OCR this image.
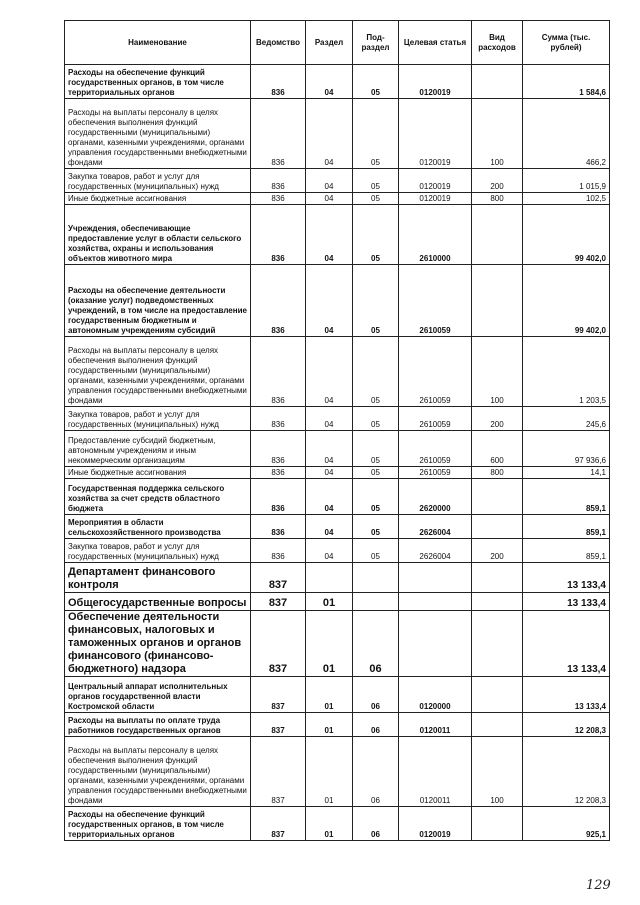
Наименование	Ведомство	Раздел	Под-раздел	Целевая статья	Вид расходов	Сумма (тыс. рублей)
Расходы на обеспечение функций государственных органов, в том числе территориальных органов	836	04	05	0120019		1 584,6
Расходы на выплаты персоналу в целях обеспечения выполнения функций государственными (муниципальными) органами, казенными учреждениями, органами управления государственными внебюджетными фондами	836	04	05	0120019	100	466,2
Закупка товаров, работ и услуг для государственных (муниципальных) нужд	836	04	05	0120019	200	1 015,9
Иные бюджетные ассигнования	836	04	05	0120019	800	102,5
Учреждения, обеспечивающие предоставление услуг в области сельского хозяйства, охраны и использования объектов животного мира	836	04	05	2610000		99 402,0
Расходы на обеспечение деятельности (оказание услуг) подведомственных учреждений, в том числе на предоставление государственным бюджетным и автономным учреждениям субсидий	836	04	05	2610059		99 402,0
Расходы на выплаты персоналу в целях обеспечения выполнения функций государственными (муниципальными) органами, казенными учреждениями, органами управления государственными внебюджетными фондами	836	04	05	2610059	100	1 203,5
Закупка товаров, работ и услуг для государственных (муниципальных) нужд	836	04	05	2610059	200	245,6
Предоставление субсидий бюджетным, автономным учреждениям и иным некоммерческим организациям	836	04	05	2610059	600	97 936,6
Иные бюджетные ассигнования	836	04	05	2610059	800	14,1
Государственная поддержка сельского хозяйства за счет средств областного бюджета	836	04	05	2620000		859,1
Мероприятия в области сельскохозяйственного производства	836	04	05	2626004		859,1
Закупка товаров, работ и услуг для государственных (муниципальных) нужд	836	04	05	2626004	200	859,1
Департамент финансового контроля	837					13 133,4
Общегосударственные вопросы	837	01				13 133,4
Обеспечение деятельности финансовых, налоговых и таможенных органов и органов финансового (финансово-бюджетного) надзора	837	01	06			13 133,4
Центральный аппарат исполнительных органов государственной власти Костромской области	837	01	06	0120000		13 133,4
Расходы на выплаты по оплате труда работников государственных органов	837	01	06	0120011		12 208,3
Расходы на выплаты персоналу в целях обеспечения выполнения функций государственными (муниципальными) органами, казенными учреждениями, органами управления государственными внебюджетными фондами	837	01	06	0120011	100	12 208,3
Расходы на обеспечение функций государственных органов, в том числе территориальных органов	837	01	06	0120019		925,1
129
